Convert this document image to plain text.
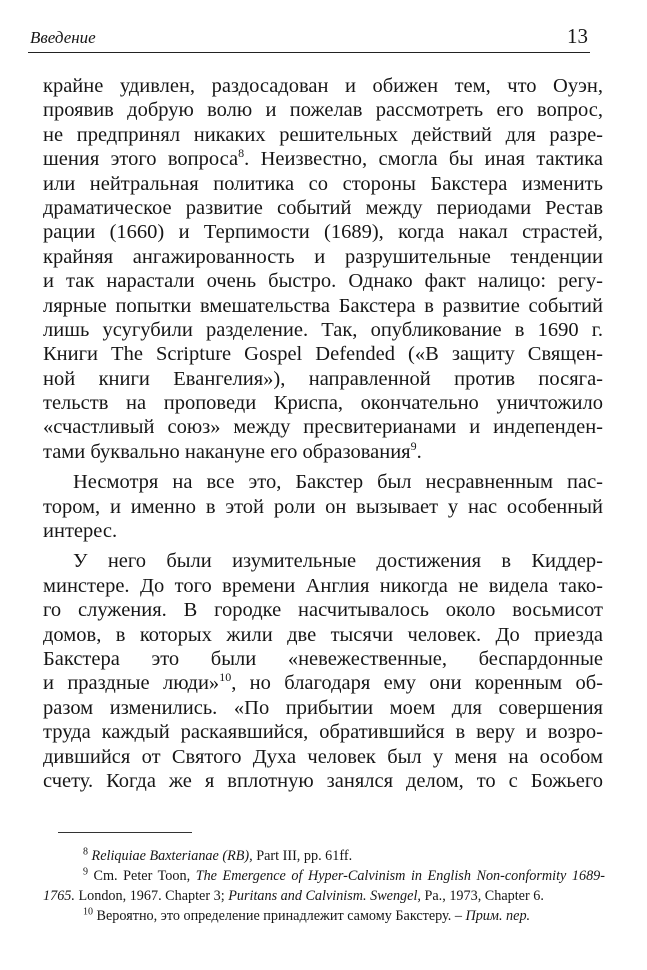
Введение	13
крайне удивлен, раздосадован и обижен тем, что Оуэн,
проявив добрую волю и пожелав рассмотреть его вопрос,
не предпринял никаких решительных действий для разре-
шения этого вопроса$^8$. Неизвестно, смогла бы иная тактика
или нейтральная политика со стороны Бакстера изменить
драматическое развитие событий между периодами Рестав
рации (1660) и Терпимости (1689), когда накал страстей,
крайняя ангажированность и разрушительные тенденции
и так нарастали очень быстро. Однако факт налицо: регу-
лярные попытки вмешательства Бакстера в развитие событий
лишь усугубили разделение. Так, опубликование в 1690 г.
Книги The Scripture Gospel Defended («В защиту Священ-
ной книги Евангелия»), направленной против посяга-
тельств на проповеди Криспа, окончательно уничтожило
«счастливый союз» между пресвитерианами и индепенден-
тами буквально накануне его образования$^9$.
Несмотря на все это, Бакстер был несравненным пас-
тором, и именно в этой роли он вызывает у нас особенный
интерес.
У него были изумительные достижения в Киддер-
минстере. До того времени Англия никогда не видела тако-
го служения. В городке насчитывалось около восьмисот
домов, в которых жили две тысячи человек. До приезда
Бакстера это были «невежественные, беспардонные
и праздные люди»$^{10}$, но благодаря ему они коренным об-
разом изменились. «По прибытии моем для совершения
труда каждый раскаявшийся, обратившийся в веру и возро-
дившийся от Святого Духа человек был у меня на особом
счету. Когда же я вплотную занялся делом, то с Божьего
$^8$ Reliquiae Baxterianae (RB), Part III, pp. 61ff.
$^9$ Cm. Peter Toon, The Emergence of Hyper-Calvinism in English Non-conformity 1689-
1765. London, 1967. Chapter 3; Puritans and Calvinism. Swengel, Pa., 1973, Chapter 6.
$^{10}$ Вероятно, это определение принадлежит самому Бакстеру. – Прим. пер.
